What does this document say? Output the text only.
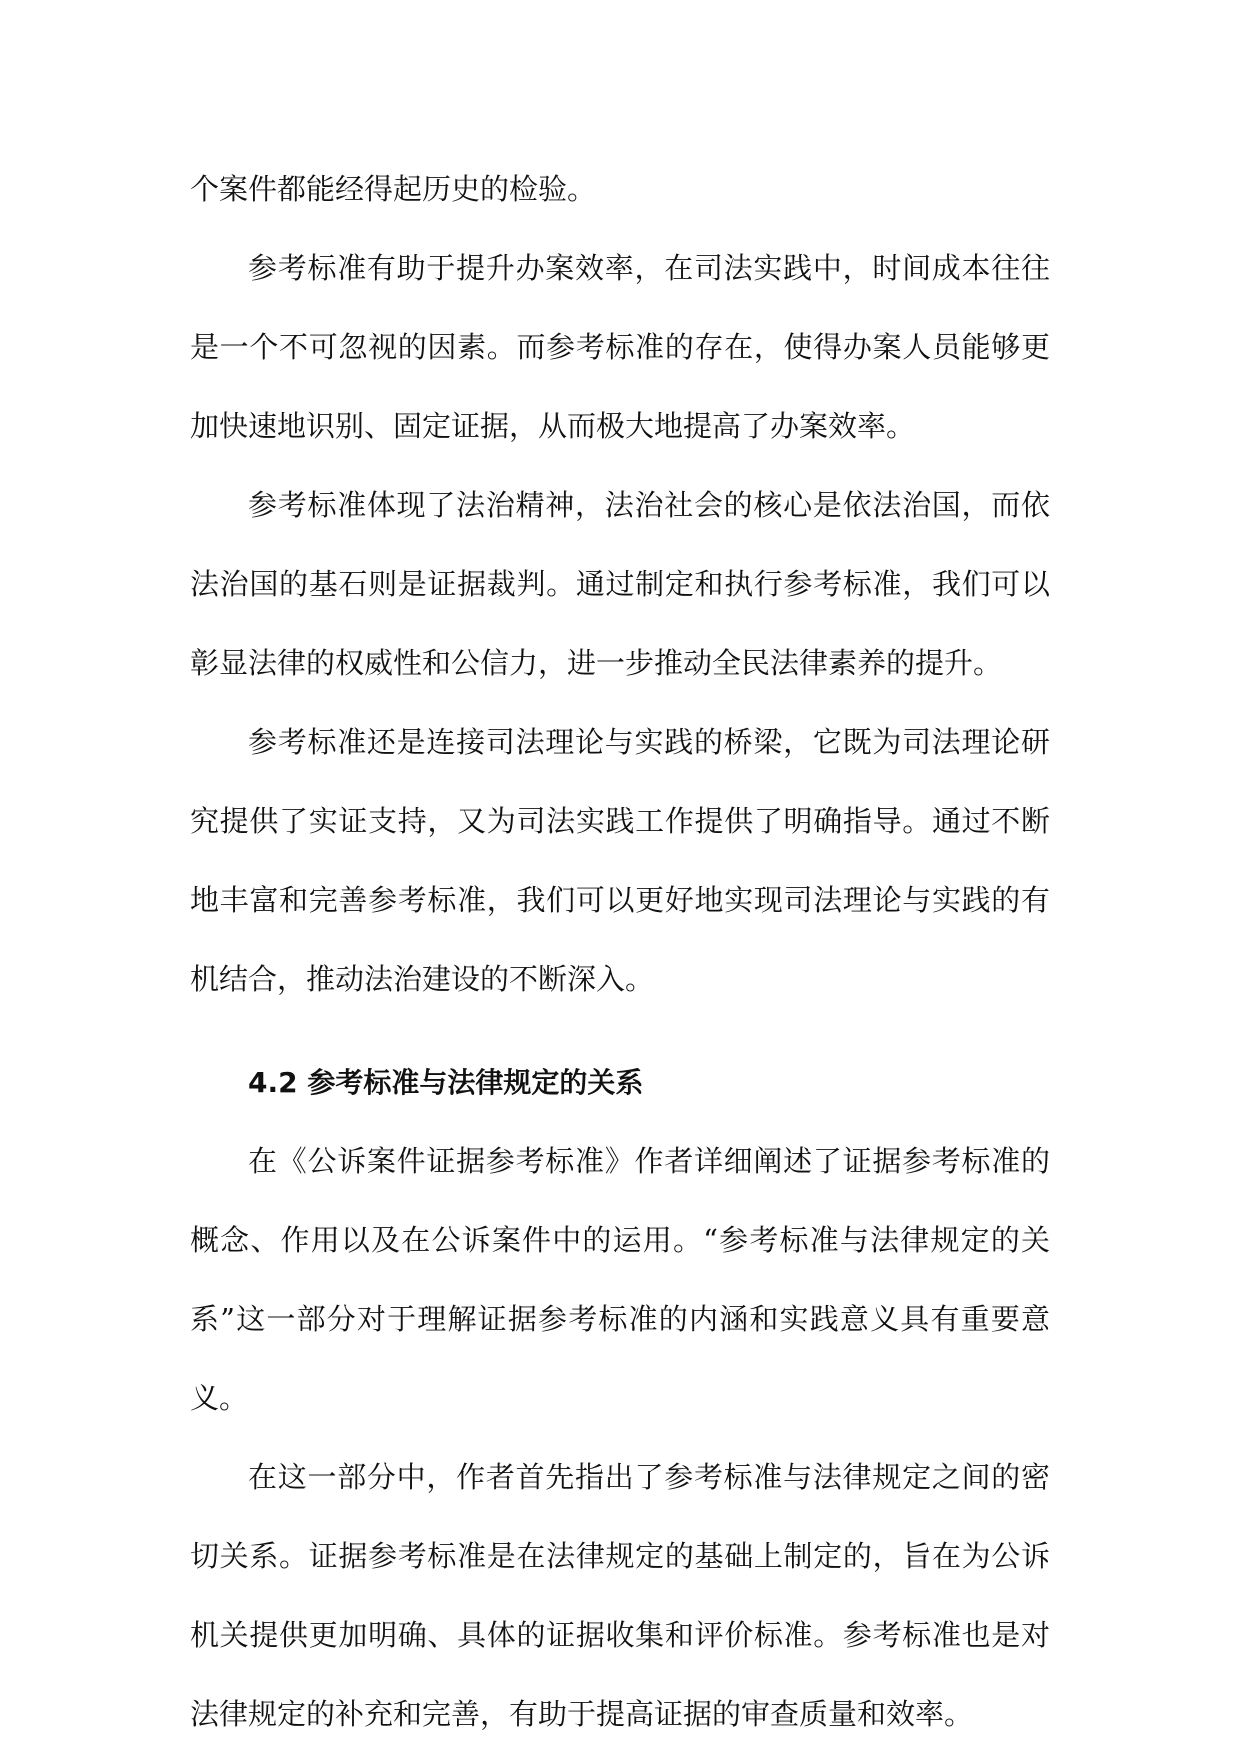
个案件都能经得起历史的检验。

参考标准有助于提升办案效率，在司法实践中，时间成本往往是一个不可忽视的因素。而参考标准的存在，使得办案人员能够更加快速地识别、固定证据，从而极大地提高了办案效率。

参考标准体现了法治精神，法治社会的核心是依法治国，而依法治国的基石则是证据裁判。通过制定和执行参考标准，我们可以彰显法律的权威性和公信力，进一步推动全民法律素养的提升。

参考标准还是连接司法理论与实践的桥梁，它既为司法理论研究提供了实证支持，又为司法实践工作提供了明确指导。通过不断地丰富和完善参考标准，我们可以更好地实现司法理论与实践的有机结合，推动法治建设的不断深入。

4.2 参考标准与法律规定的关系

在《公诉案件证据参考标准》作者详细阐述了证据参考标准的概念、作用以及在公诉案件中的运用。“参考标准与法律规定的关系”这一部分对于理解证据参考标准的内涵和实践意义具有重要意义。

在这一部分中，作者首先指出了参考标准与法律规定之间的密切关系。证据参考标准是在法律规定的基础上制定的，旨在为公诉机关提供更加明确、具体的证据收集和评价标准。参考标准也是对法律规定的补充和完善，有助于提高证据的审查质量和效率。
